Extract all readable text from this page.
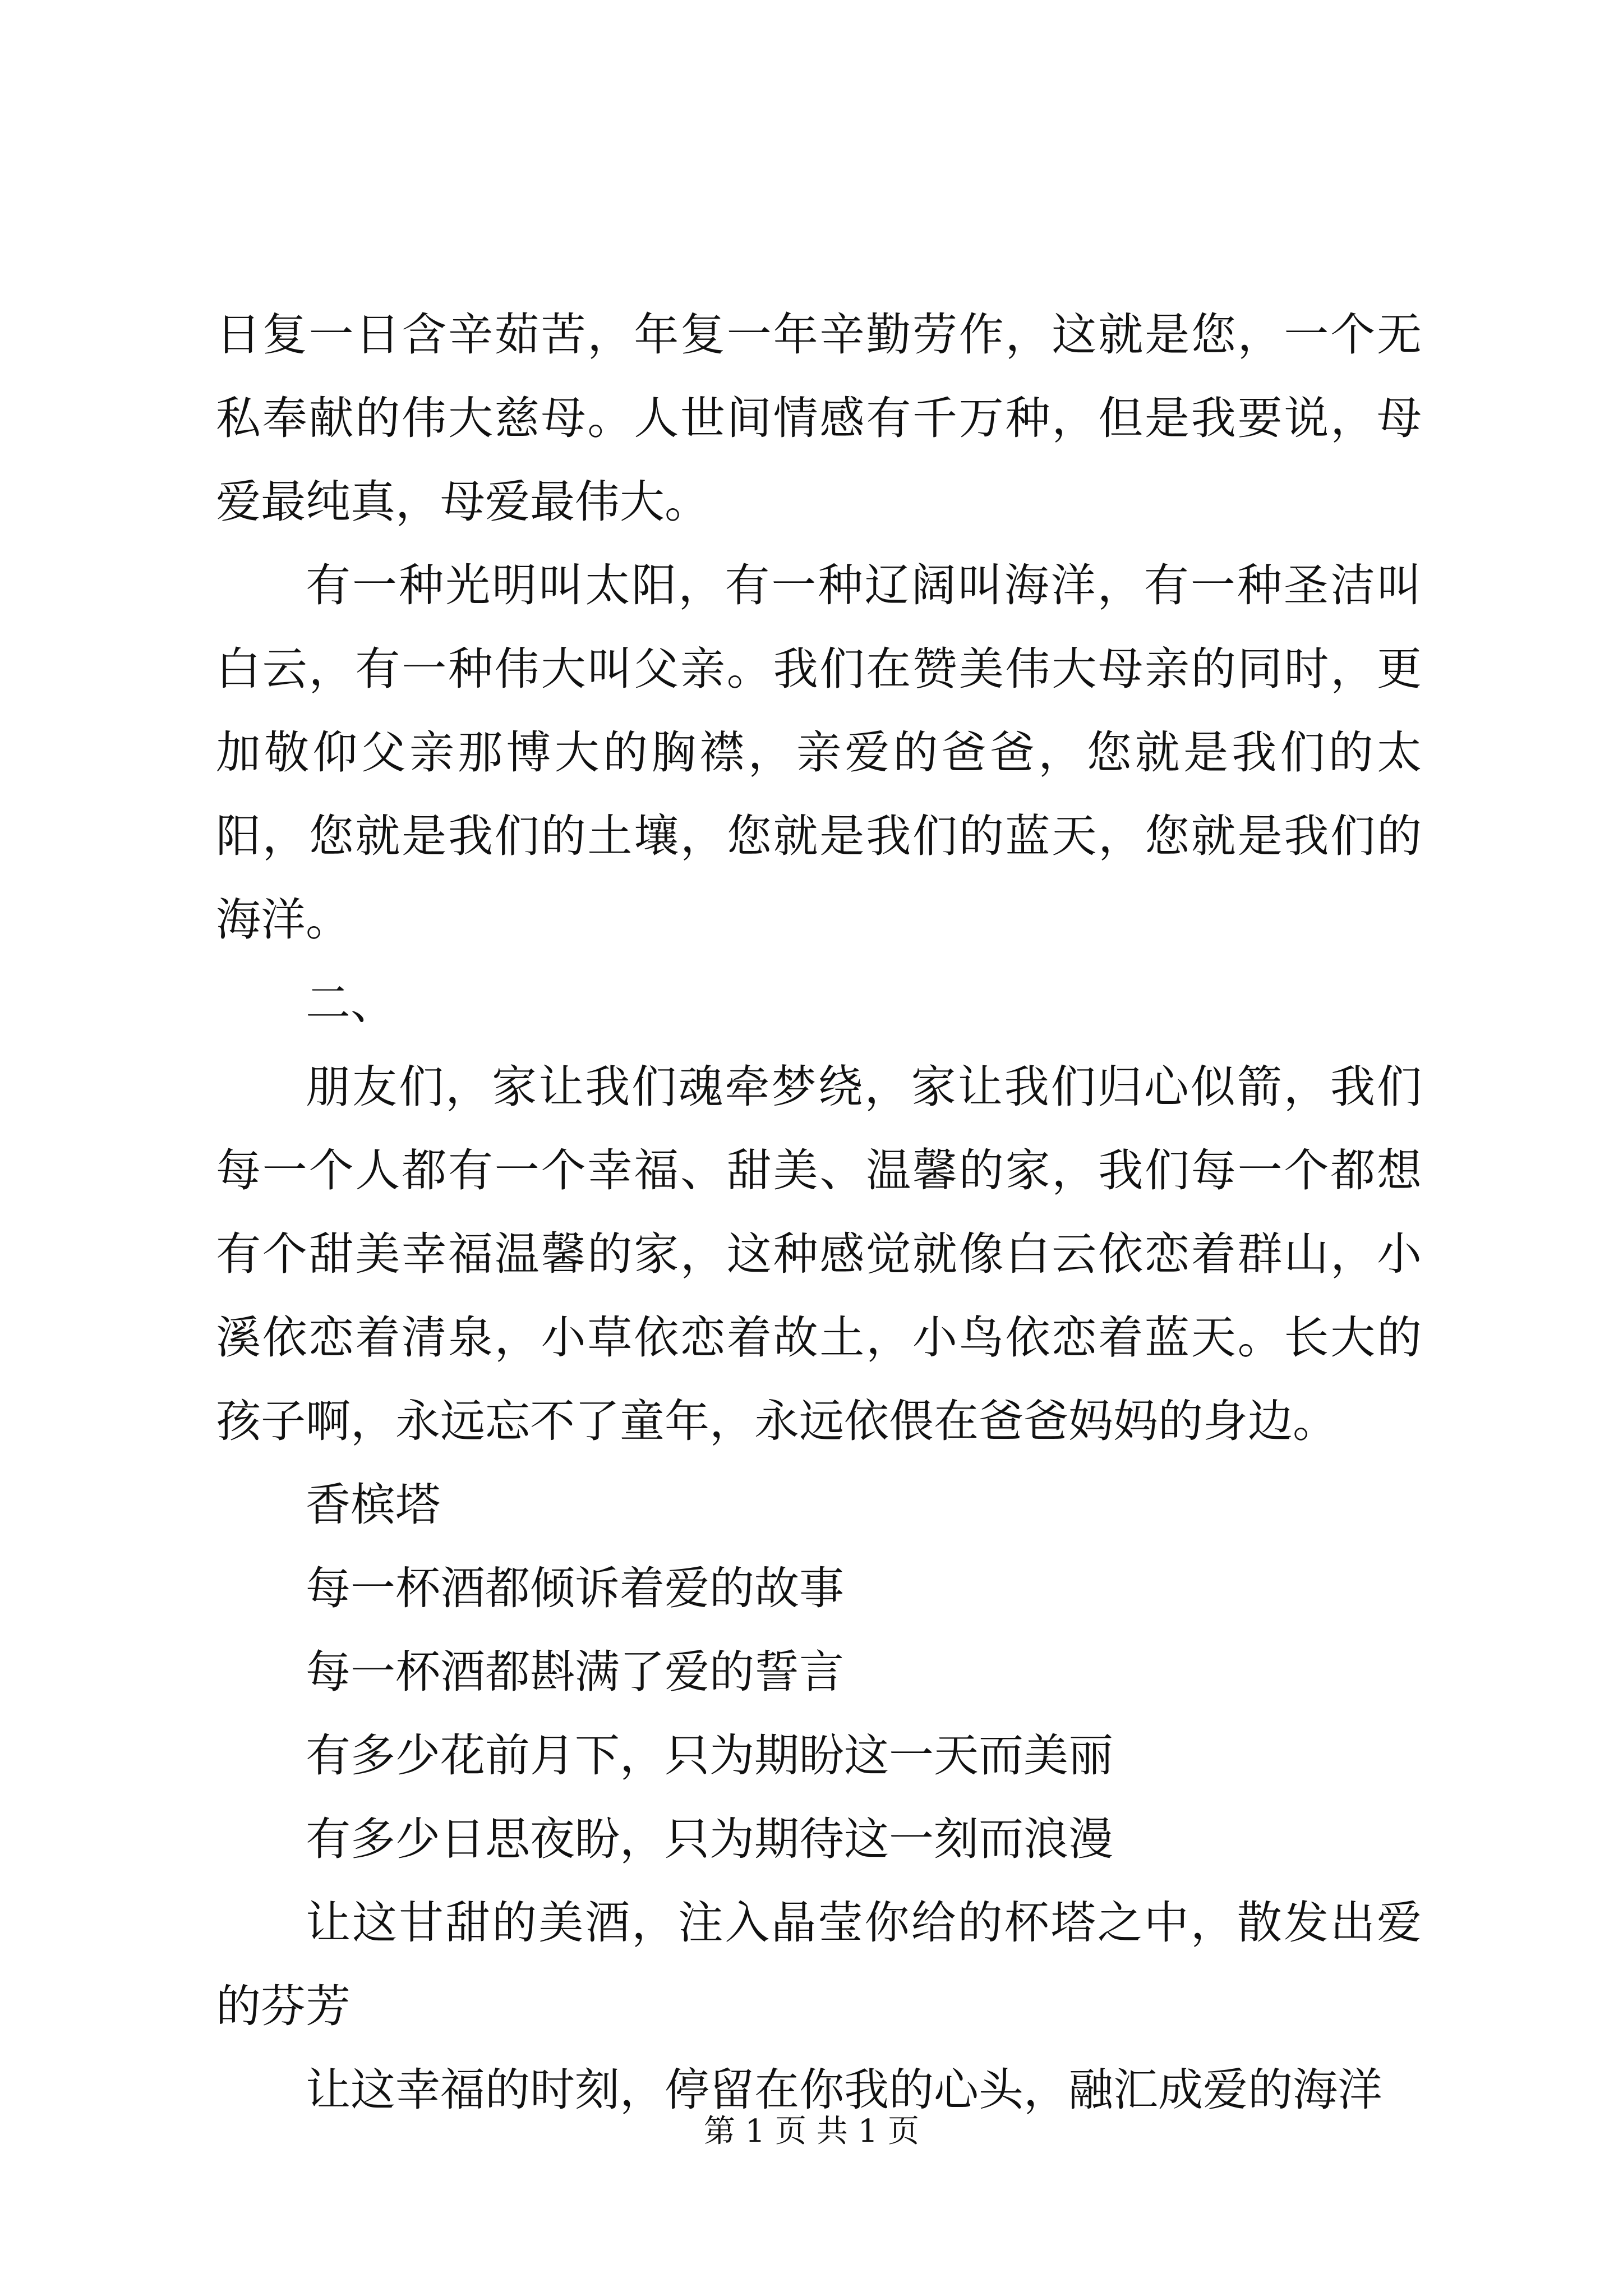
日复一日含辛茹苦，年复一年辛勤劳作，这就是您，一个无私奉献的伟大慈母。人世间情感有千万种，但是我要说，母爱最纯真，母爱最伟大。

有一种光明叫太阳，有一种辽阔叫海洋，有一种圣洁叫白云，有一种伟大叫父亲。我们在赞美伟大母亲的同时，更加敬仰父亲那博大的胸襟，亲爱的爸爸，您就是我们的太阳，您就是我们的土壤，您就是我们的蓝天，您就是我们的海洋。

二、

朋友们，家让我们魂牵梦绕，家让我们归心似箭，我们每一个人都有一个幸福、甜美、温馨的家，我们每一个都想有个甜美幸福温馨的家，这种感觉就像白云依恋着群山，小溪依恋着清泉，小草依恋着故土，小鸟依恋着蓝天。长大的孩子啊，永远忘不了童年，永远依偎在爸爸妈妈的身边。

香槟塔

每一杯酒都倾诉着爱的故事

每一杯酒都斟满了爱的誓言

有多少花前月下，只为期盼这一天而美丽

有多少日思夜盼，只为期待这一刻而浪漫

让这甘甜的美酒，注入晶莹你给的杯塔之中，散发出爱的芬芳

让这幸福的时刻，停留在你我的心头，融汇成爱的海洋

第 1 页 共 1 页
